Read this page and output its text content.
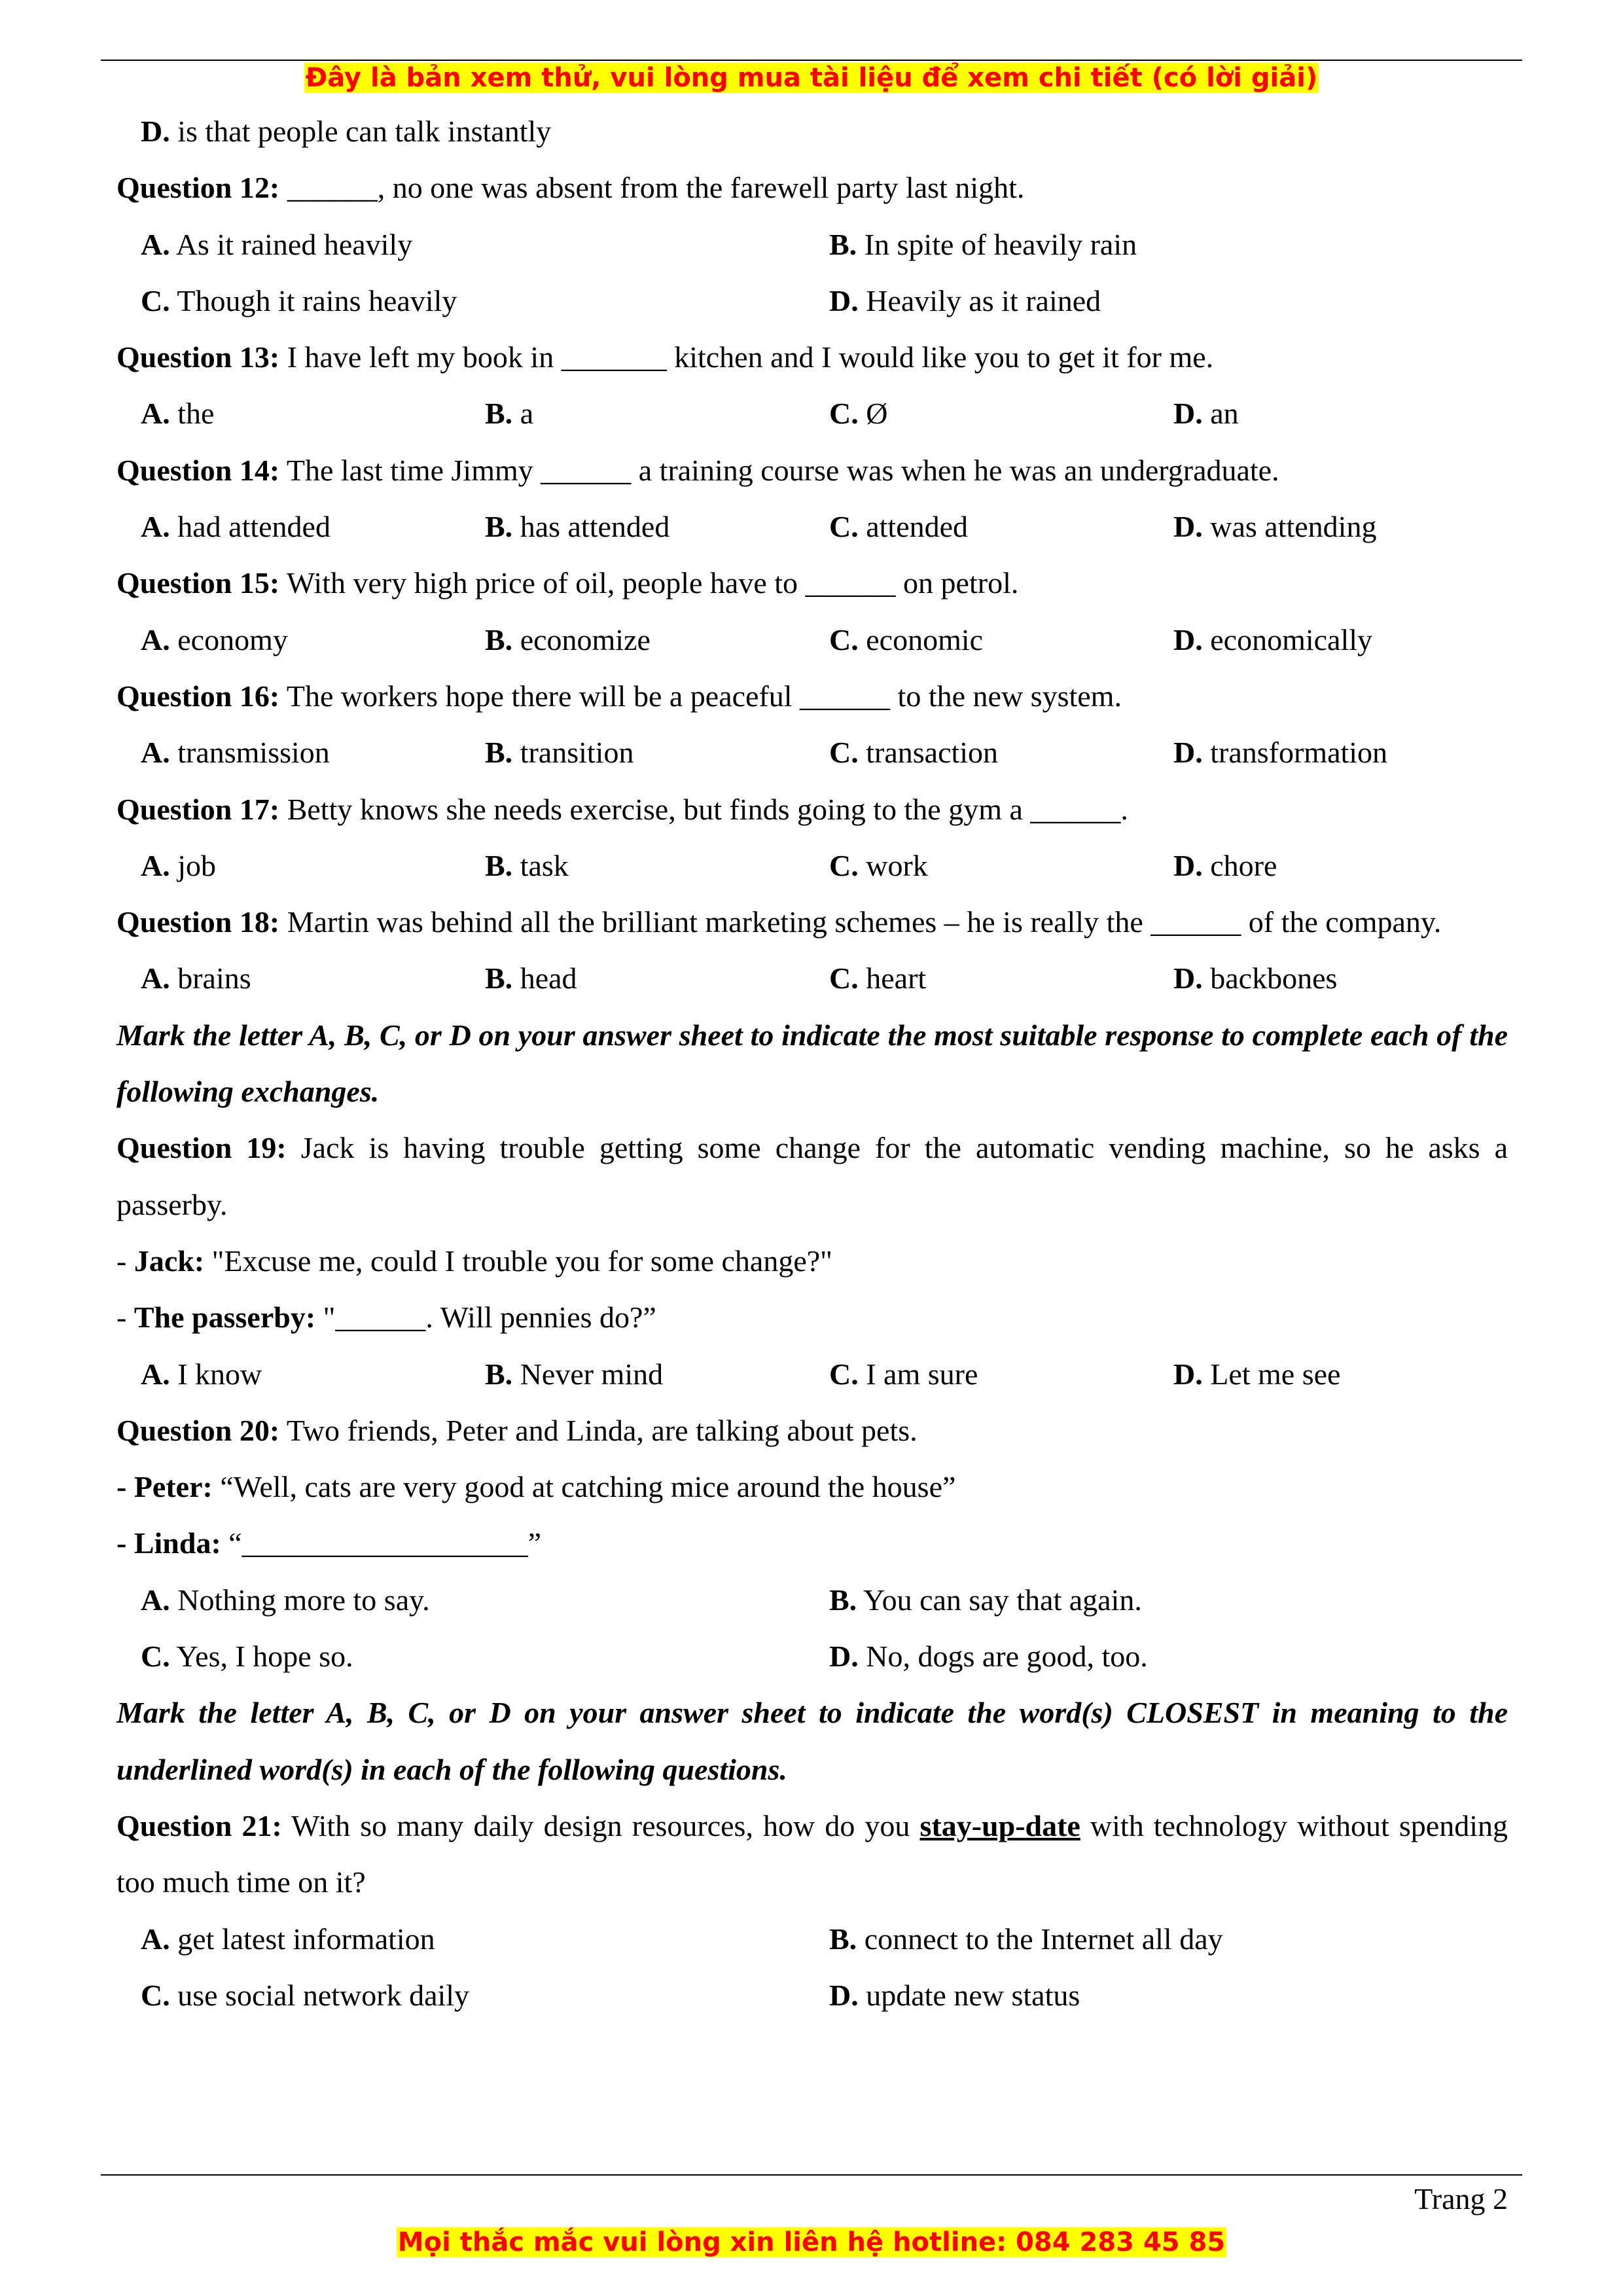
Đây là bản xem thử, vui lòng mua tài liệu để xem chi tiết (có lời giải)
D. is that people can talk instantly
Question 12: ______, no one was absent from the farewell party last night.
A. As it rained heavily	B. In spite of heavily rain
C. Though it rains heavily	D. Heavily as it rained
Question 13: I have left my book in _______ kitchen and I would like you to get it for me.
A. the	B. a	C. Ø	D. an
Question 14: The last time Jimmy ______ a training course was when he was an undergraduate.
A. had attended	B. has attended	C. attended	D. was attending
Question 15: With very high price of oil, people have to ______ on petrol.
A. economy	B. economize	C. economic	D. economically
Question 16: The workers hope there will be a peaceful ______ to the new system.
A. transmission	B. transition	C. transaction	D. transformation
Question 17: Betty knows she needs exercise, but finds going to the gym a ______.
A. job	B. task	C. work	D. chore
Question 18: Martin was behind all the brilliant marketing schemes – he is really the ______ of the company.
A. brains	B. head	C. heart	D. backbones
Mark the letter A, B, C, or D on your answer sheet to indicate the most suitable response to complete each of the following exchanges.
Question 19: Jack is having trouble getting some change for the automatic vending machine, so he asks a passerby.
- Jack: "Excuse me, could I trouble you for some change?"
- The passerby: "______. Will pennies do?”
A. I know	B. Never mind	C. I am sure	D. Let me see
Question 20: Two friends, Peter and Linda, are talking about pets.
- Peter: “Well, cats are very good at catching mice around the house”
- Linda: “___________________”
A. Nothing more to say.	B. You can say that again.
C. Yes, I hope so.	D. No, dogs are good, too.
Mark the letter A, B, C, or D on your answer sheet to indicate the word(s) CLOSEST in meaning to the underlined word(s) in each of the following questions.
Question 21: With so many daily design resources, how do you stay-up-date with technology without spending too much time on it?
A. get latest information	B. connect to the Internet all day
C. use social network daily	D. update new status
Trang 2
Mọi thắc mắc vui lòng xin liên hệ hotline: 084 283 45 85
